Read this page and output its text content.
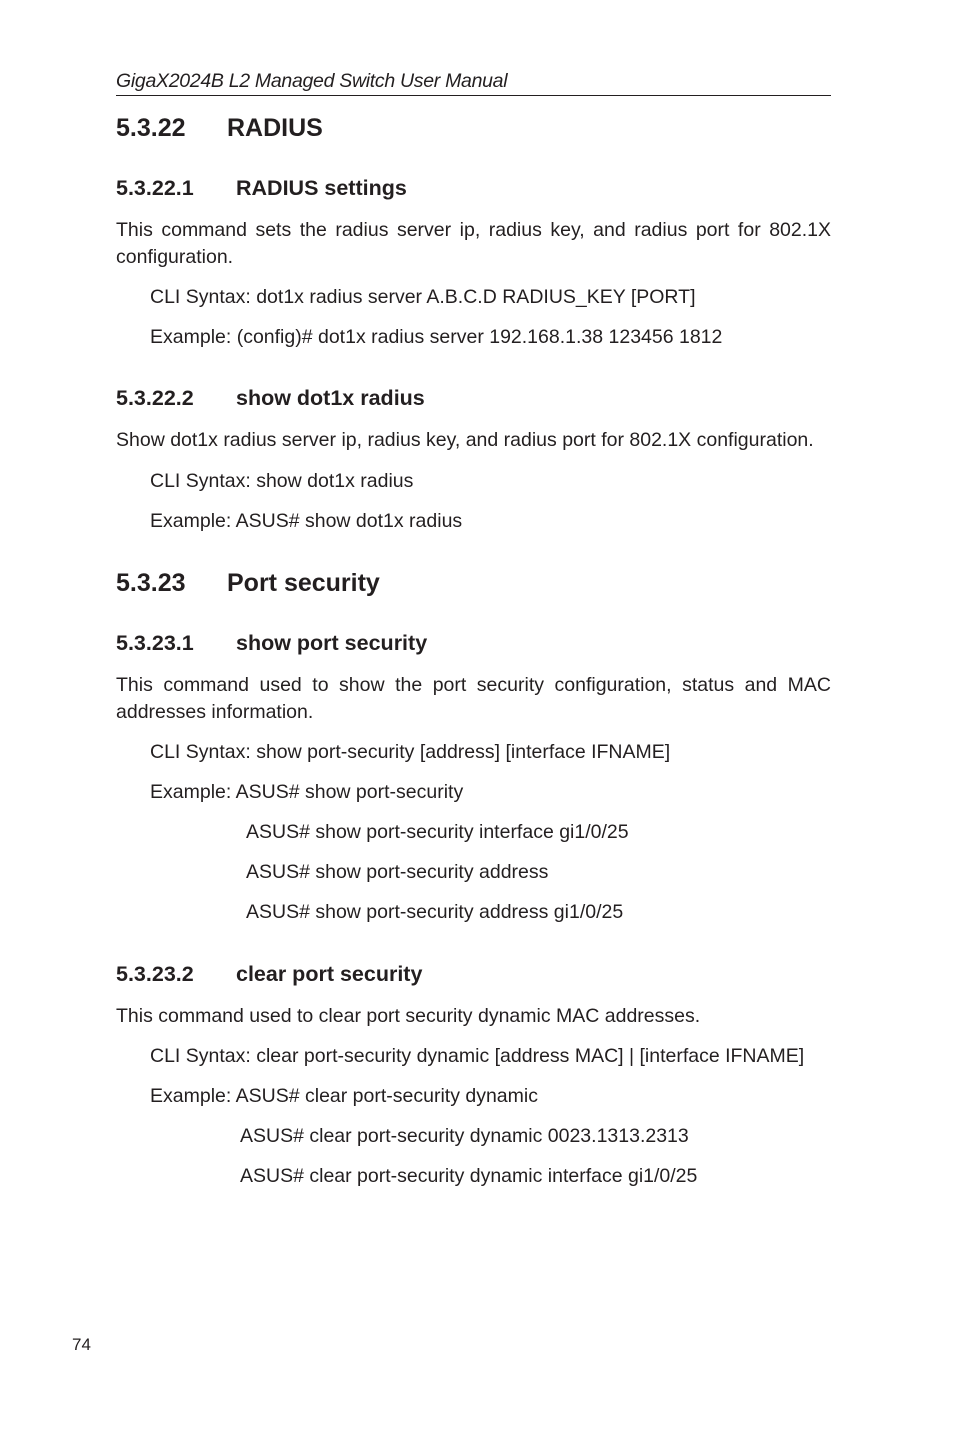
GigaX2024B L2 Managed Switch User Manual
5.3.22 RADIUS
5.3.22.1 RADIUS settings
This command sets the radius server ip, radius key, and radius port for 802.1X configuration.
CLI Syntax: dot1x radius server A.B.C.D RADIUS_KEY [PORT]
Example: (config)# dot1x radius server 192.168.1.38 123456 1812
5.3.22.2 show dot1x radius
Show dot1x radius server ip, radius key, and radius port for 802.1X configuration.
CLI Syntax: show dot1x radius
Example: ASUS# show dot1x radius
5.3.23 Port security
5.3.23.1 show port security
This command used to show the port security configuration, status and MAC addresses information.
CLI Syntax: show port-security [address] [interface IFNAME]
Example: ASUS# show port-security
ASUS# show port-security interface gi1/0/25
ASUS# show port-security address
ASUS# show port-security address gi1/0/25
5.3.23.2 clear port security
This command used to clear port security dynamic MAC addresses.
CLI Syntax: clear port-security dynamic [address MAC] | [interface IFNAME]
Example: ASUS# clear port-security dynamic
ASUS# clear port-security dynamic 0023.1313.2313
ASUS# clear port-security dynamic interface gi1/0/25
74
